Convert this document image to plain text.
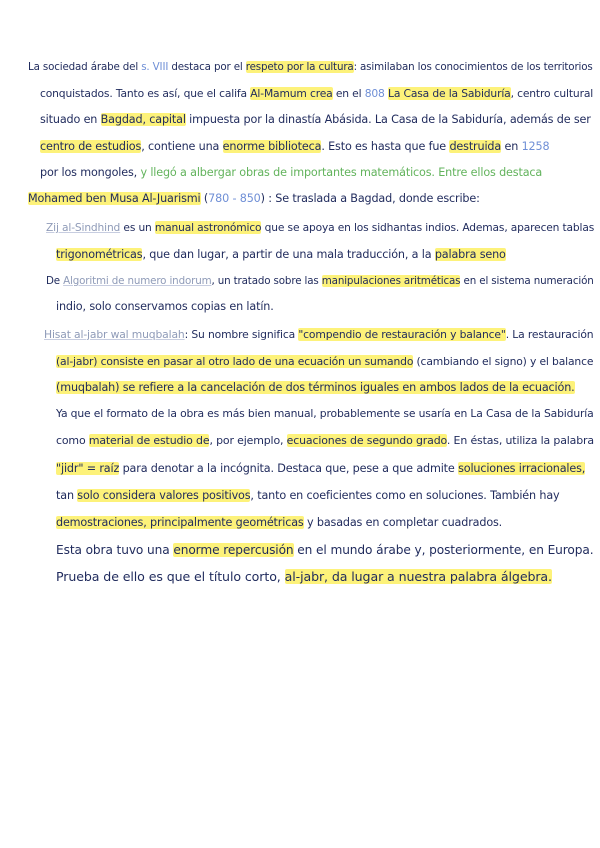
La sociedad árabe del s. VIII destaca por el respeto por la cultura: asimilaban los conocimientos de los territorios
conquistados. Tanto es así, que el califa Al-Mamum crea en el 808 La Casa de la Sabiduría, centro cultural
situado en Bagdad, capital impuesta por la dinastía Abásida. La Casa de la Sabiduría, además de ser
centro de estudios, contiene una enorme biblioteca. Esto es hasta que fue destruida en 1258
por los mongoles, y llegó a albergar obras de importantes matemáticos. Entre ellos destaca
Mohamed ben Musa Al-Juarismi (780 - 850) : Se traslada a Bagdad, donde escribe:
Zij al-Sindhind es un manual astronómico que se apoya en los sidhantas indios. Ademas, aparecen tablas
trigonométricas, que dan lugar, a partir de una mala traducción, a la palabra seno
De Algoritmi de numero indorum, un tratado sobre las manipulaciones aritméticas en el sistema numeración
indio, solo conservamos copias en latín.
Hisat al-jabr wal muqbalah: Su nombre significa "compendio de restauración y balance". La restauración
(al-jabr) consiste en pasar al otro lado de una ecuación un sumando (cambiando el signo) y el balance
(muqbalah) se refiere a la cancelación de dos términos iguales en ambos lados de la ecuación.
Ya que el formato de la obra es más bien manual, probablemente se usaría en La Casa de la Sabiduría
como material de estudio de, por ejemplo, ecuaciones de segundo grado. En éstas, utiliza la palabra
"jidr" = raíz para denotar a la incógnita. Destaca que, pese a que admite soluciones irracionales,
tan solo considera valores positivos, tanto en coeficientes como en soluciones. También hay
demostraciones, principalmente geométricas y basadas en completar cuadrados.
Esta obra tuvo una enorme repercusión en el mundo árabe y, posteriormente, en Europa.
Prueba de ello es que el título corto, al-jabr, da lugar a nuestra palabra álgebra.
